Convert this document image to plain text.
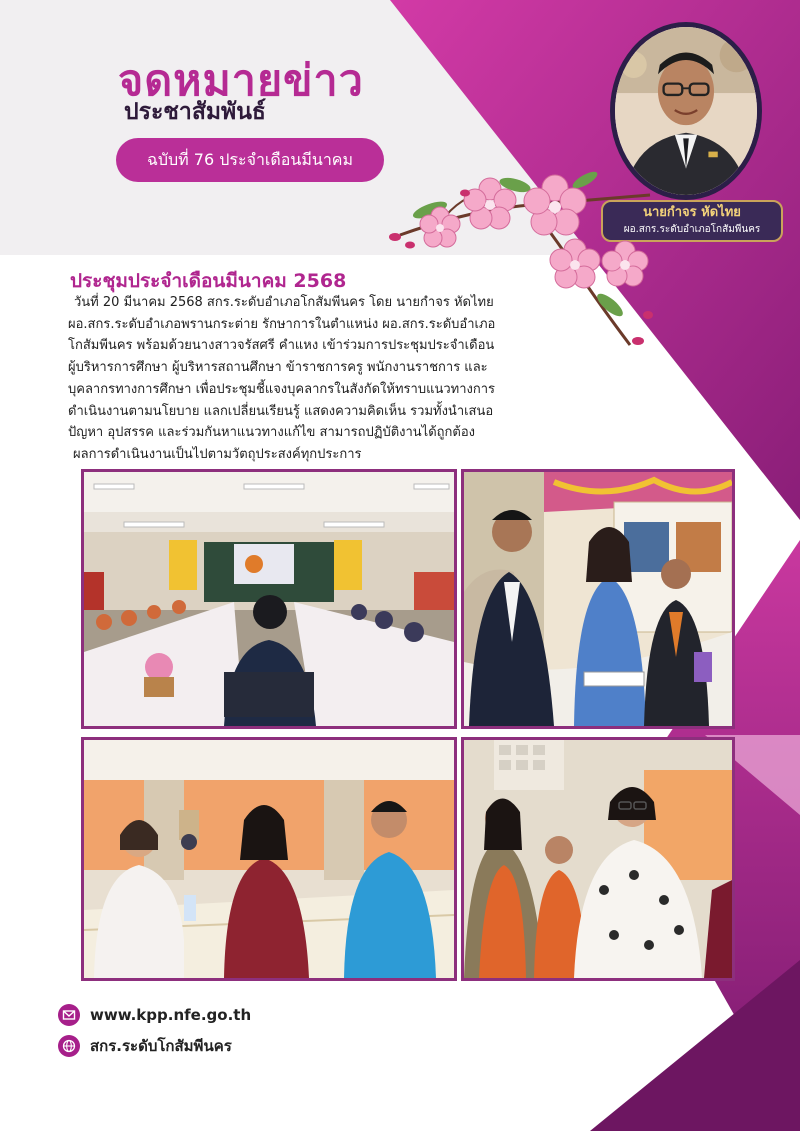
จดหมายข่าว
ประชาสัมพันธ์
ฉบับที่ 76 ประจำเดือนมีนาคม
นายกำจร หัดไทย
ผอ.สกร.ระดับอำเภอโกสัมพีนคร
ประชุมประจำเดือนมีนาคม 2568

วันที่ 20 มีนาคม 2568 สกร.ระดับอำเภอโกสัมพีนคร โดย นายกำจร หัดไทย
ผอ.สกร.ระดับอำเภอพรานกระต่าย รักษาการในตำแหน่ง ผอ.สกร.ระดับอำเภอ
โกสัมพีนคร พร้อมด้วยนางสาวจรัสศรี คำแหง เข้าร่วมการประชุมประจำเดือน
ผู้บริหารการศึกษา ผู้บริหารสถานศึกษา ข้าราชการครู พนักงานราชการ และ
บุคลากรทางการศึกษา เพื่อประชุมชี้แจงบุคลากรในสังกัดให้ทราบแนวทางการ
ดำเนินงานตามนโยบาย แลกเปลี่ยนเรียนรู้ แสดงความคิดเห็น รวมทั้งนำเสนอ
ปัญหา อุปสรรค และร่วมกันหาแนวทางแก้ไข สามารถปฏิบัติงานได้ถูกต้อง
ผลการดำเนินงานเป็นไปตามวัตถุประสงค์ทุกประการ

www.kpp.nfe.go.th
สกร.ระดับโกสัมพีนคร
